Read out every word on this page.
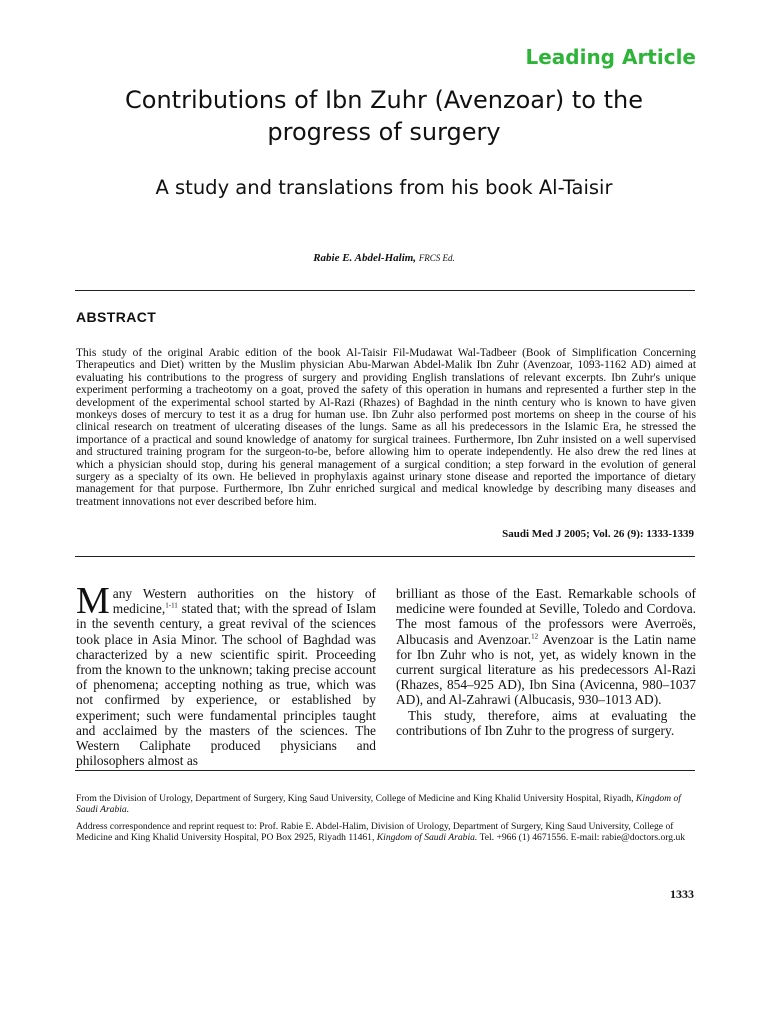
Leading Article
Contributions of Ibn Zuhr (Avenzoar) to the progress of surgery
A study and translations from his book Al-Taisir
Rabie E. Abdel-Halim, FRCS Ed.
ABSTRACT
This study of the original Arabic edition of the book Al-Taisir Fil-Mudawat Wal-Tadbeer (Book of Simplification Concerning Therapeutics and Diet) written by the Muslim physician Abu-Marwan Abdel-Malik Ibn Zuhr (Avenzoar, 1093-1162 AD) aimed at evaluating his contributions to the progress of surgery and providing English translations of relevant excerpts. Ibn Zuhr's unique experiment performing a tracheotomy on a goat, proved the safety of this operation in humans and represented a further step in the development of the experimental school started by Al-Razi (Rhazes) of Baghdad in the ninth century who is known to have given monkeys doses of mercury to test it as a drug for human use. Ibn Zuhr also performed post mortems on sheep in the course of his clinical research on treatment of ulcerating diseases of the lungs. Same as all his predecessors in the Islamic Era, he stressed the importance of a practical and sound knowledge of anatomy for surgical trainees. Furthermore, Ibn Zuhr insisted on a well supervised and structured training program for the surgeon-to-be, before allowing him to operate independently. He also drew the red lines at which a physician should stop, during his general management of a surgical condition; a step forward in the evolution of general surgery as a specialty of its own. He believed in prophylaxis against urinary stone disease and reported the importance of dietary management for that purpose. Furthermore, Ibn Zuhr enriched surgical and medical knowledge by describing many diseases and treatment innovations not ever described before him.
Saudi Med J 2005; Vol. 26 (9): 1333-1339

Many Western authorities on the history of medicine,$^{1-11}$ stated that; with the spread of Islam in the seventh century, a great revival of the sciences took place in Asia Minor. The school of Baghdad was characterized by a new scientific spirit. Proceeding from the known to the unknown; taking precise account of phenomena; accepting nothing as true, which was not confirmed by experience, or established by experiment; such were fundamental principles taught and acclaimed by the masters of the sciences. The Western Caliphate produced physicians and philosophers almost as

brilliant as those of the East. Remarkable schools of medicine were founded at Seville, Toledo and Cordova. The most famous of the professors were Averroës, Albucasis and Avenzoar.$^{12}$ Avenzoar is the Latin name for Ibn Zuhr who is not, yet, as widely known in the current surgical literature as his predecessors Al-Razi (Rhazes, 854–925 AD), Ibn Sina (Avicenna, 980–1037 AD), and Al-Zahrawi (Albucasis, 930–1013 AD).

This study, therefore, aims at evaluating the contributions of Ibn Zuhr to the progress of surgery.

From the Division of Urology, Department of Surgery, King Saud University, College of Medicine and King Khalid University Hospital, Riyadh, Kingdom of Saudi Arabia.
Address correspondence and reprint request to: Prof. Rabie E. Abdel-Halim, Division of Urology, Department of Surgery, King Saud University, College of Medicine and King Khalid University Hospital, PO Box 2925, Riyadh 11461, Kingdom of Saudi Arabia. Tel. +966 (1) 4671556. E-mail: rabie@doctors.org.uk
1333
